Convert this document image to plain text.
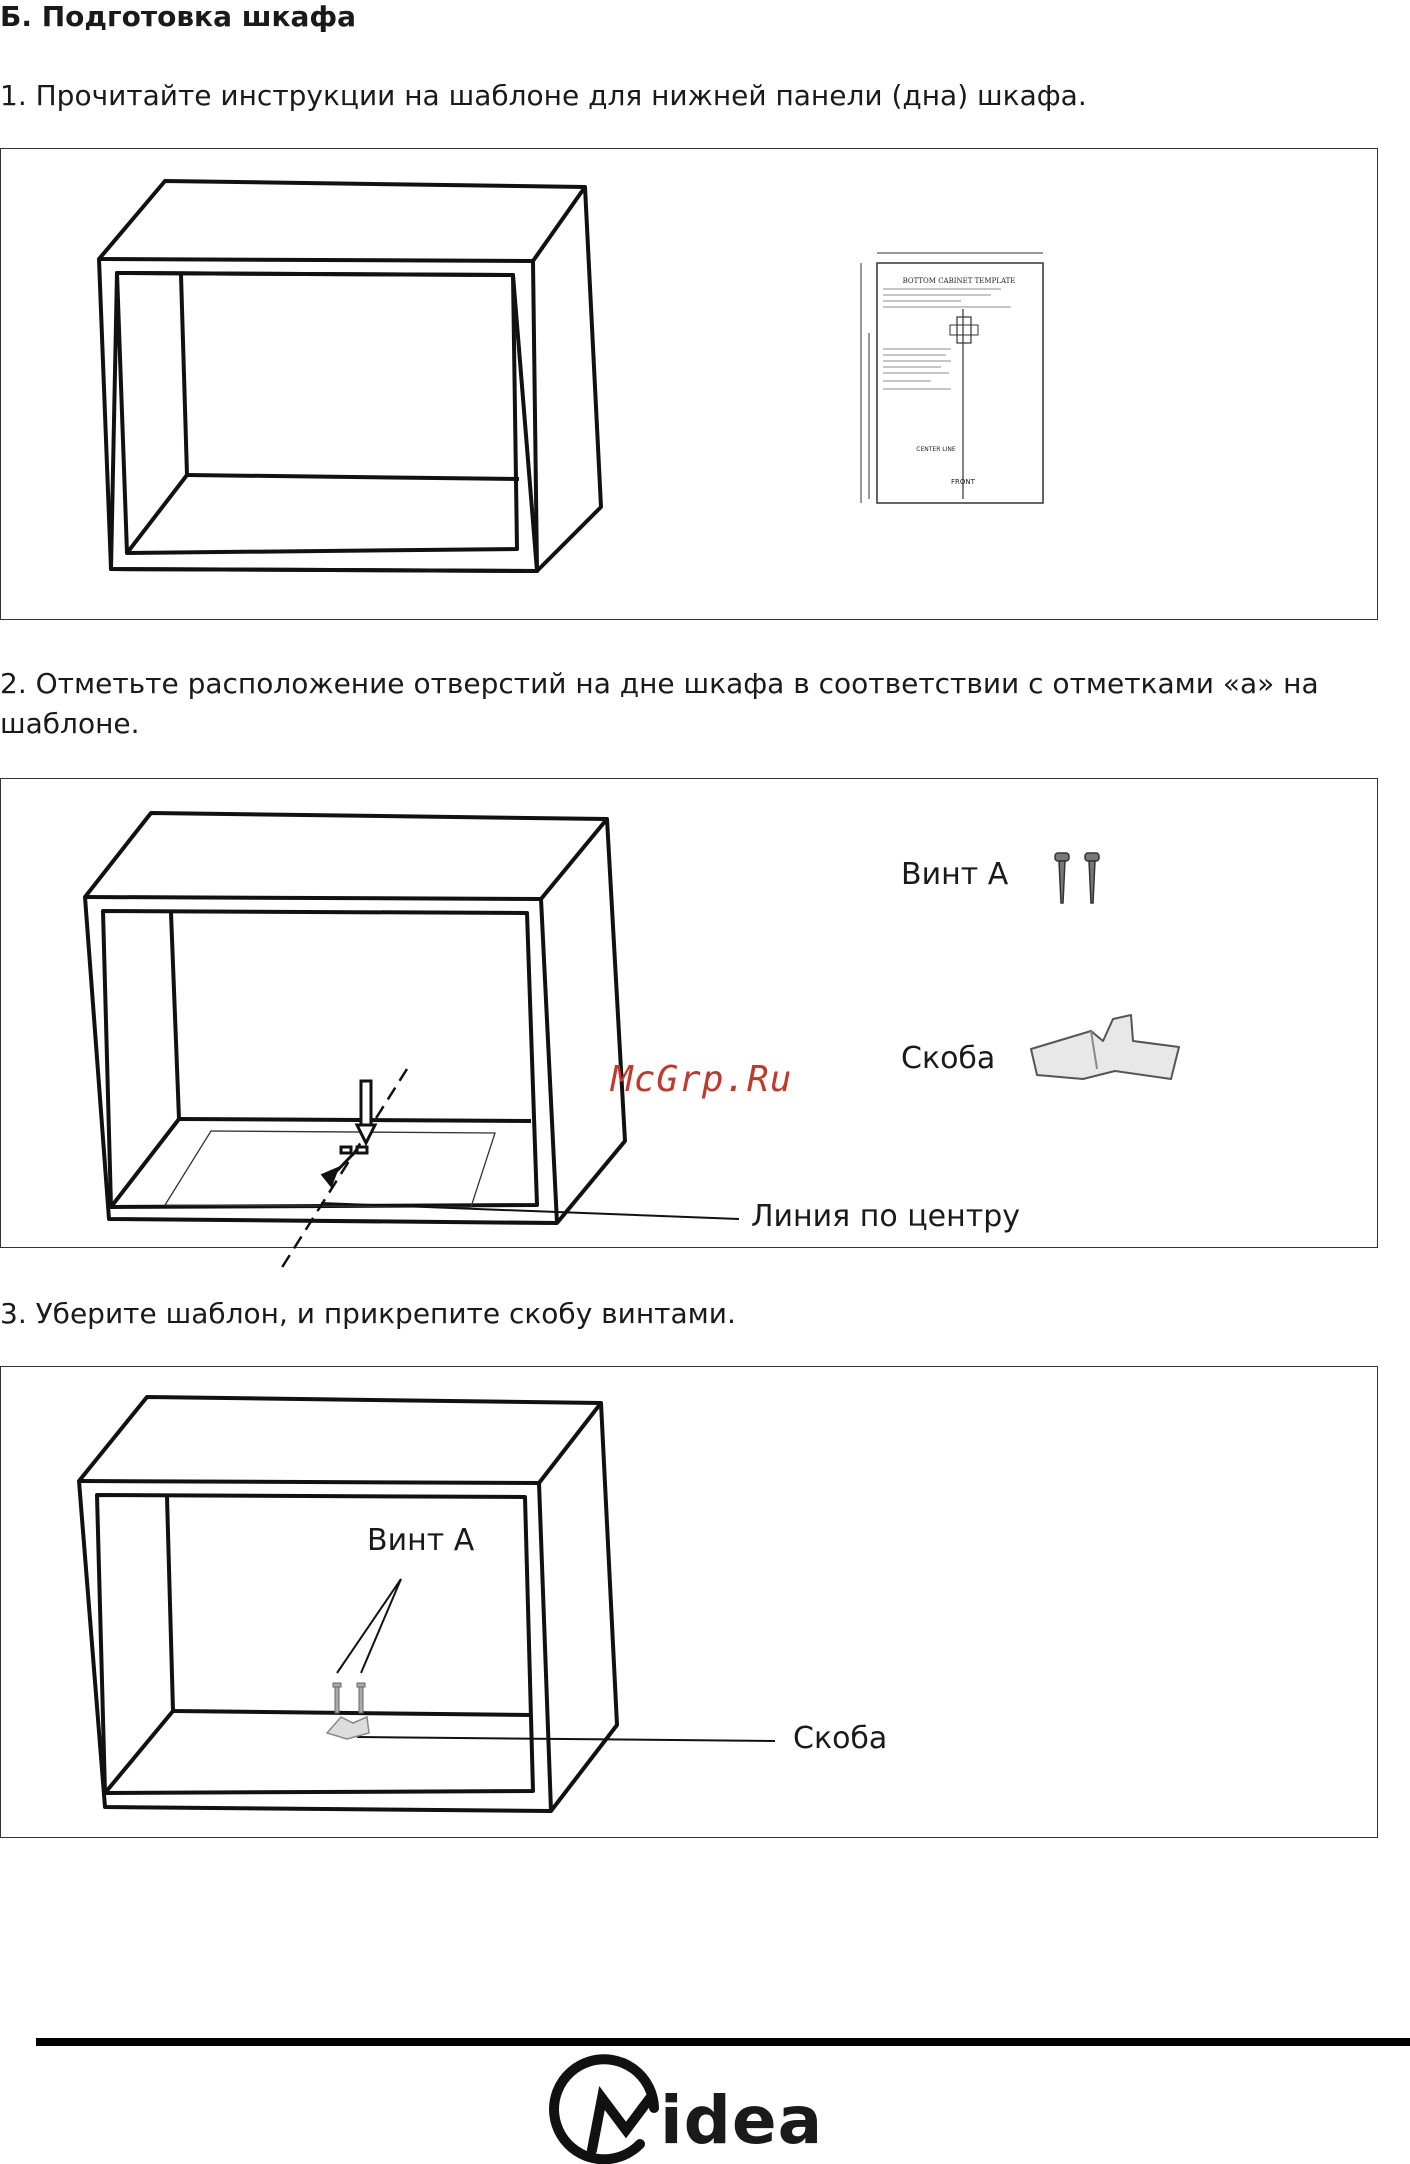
Б. Подготовка шкафа
1. Прочитайте инструкции на шаблоне для нижней панели (дна) шкафа.
BOTTOM CABINET TEMPLATE
CENTER LINE
FRONT
2. Отметьте расположение отверстий на дне шкафа в соответствии с отметками «а» на шаблоне.
Винт А
Скоба
Линия по центру
McGrp.Ru
3. Уберите шаблон, и прикрепите скобу винтами.
Винт А
Скоба
idea
